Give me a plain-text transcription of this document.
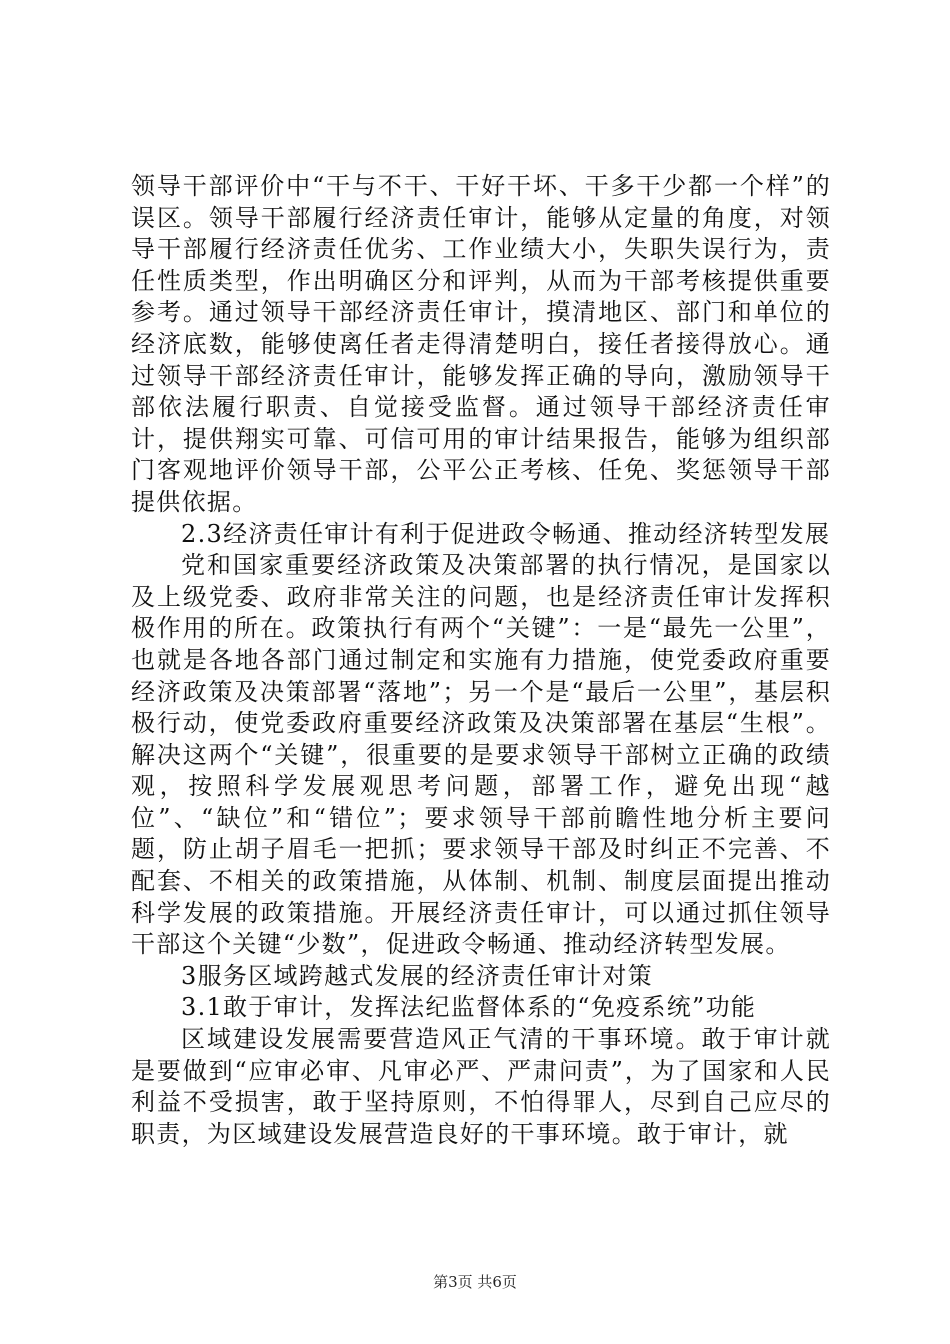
领导干部评价中“干与不干、干好干坏、干多干少都一个样”的误区。领导干部履行经济责任审计，能够从定量的角度，对领导干部履行经济责任优劣、工作业绩大小，失职失误行为，责任性质类型，作出明确区分和评判，从而为干部考核提供重要参考。通过领导干部经济责任审计，摸清地区、部门和单位的经济底数，能够使离任者走得清楚明白，接任者接得放心。通过领导干部经济责任审计，能够发挥正确的导向，激励领导干部依法履行职责、自觉接受监督。通过领导干部经济责任审计，提供翔实可靠、可信可用的审计结果报告，能够为组织部门客观地评价领导干部，公平公正考核、任免、奖惩领导干部提供依据。

2.3经济责任审计有利于促进政令畅通、推动经济转型发展

党和国家重要经济政策及决策部署的执行情况，是国家以及上级党委、政府非常关注的问题，也是经济责任审计发挥积极作用的所在。政策执行有两个“关键”：一是“最先一公里”，也就是各地各部门通过制定和实施有力措施，使党委政府重要经济政策及决策部署“落地”；另一个是“最后一公里”，基层积极行动，使党委政府重要经济政策及决策部署在基层“生根”。解决这两个“关键”，很重要的是要求领导干部树立正确的政绩观，按照科学发展观思考问题，部署工作，避免出现“越位”、“缺位”和“错位”；要求领导干部前瞻性地分析主要问题，防止胡子眉毛一把抓；要求领导干部及时纠正不完善、不配套、不相关的政策措施，从体制、机制、制度层面提出推动科学发展的政策措施。开展经济责任审计，可以通过抓住领导干部这个关键“少数”，促进政令畅通、推动经济转型发展。

3服务区域跨越式发展的经济责任审计对策

3.1敢于审计，发挥法纪监督体系的“免疫系统”功能

区域建设发展需要营造风正气清的干事环境。敢于审计就是要做到“应审必审、凡审必严、严肃问责”，为了国家和人民利益不受损害，敢于坚持原则，不怕得罪人，尽到自己应尽的职责，为区域建设发展营造良好的干事环境。敢于审计，就

第3页 共6页
